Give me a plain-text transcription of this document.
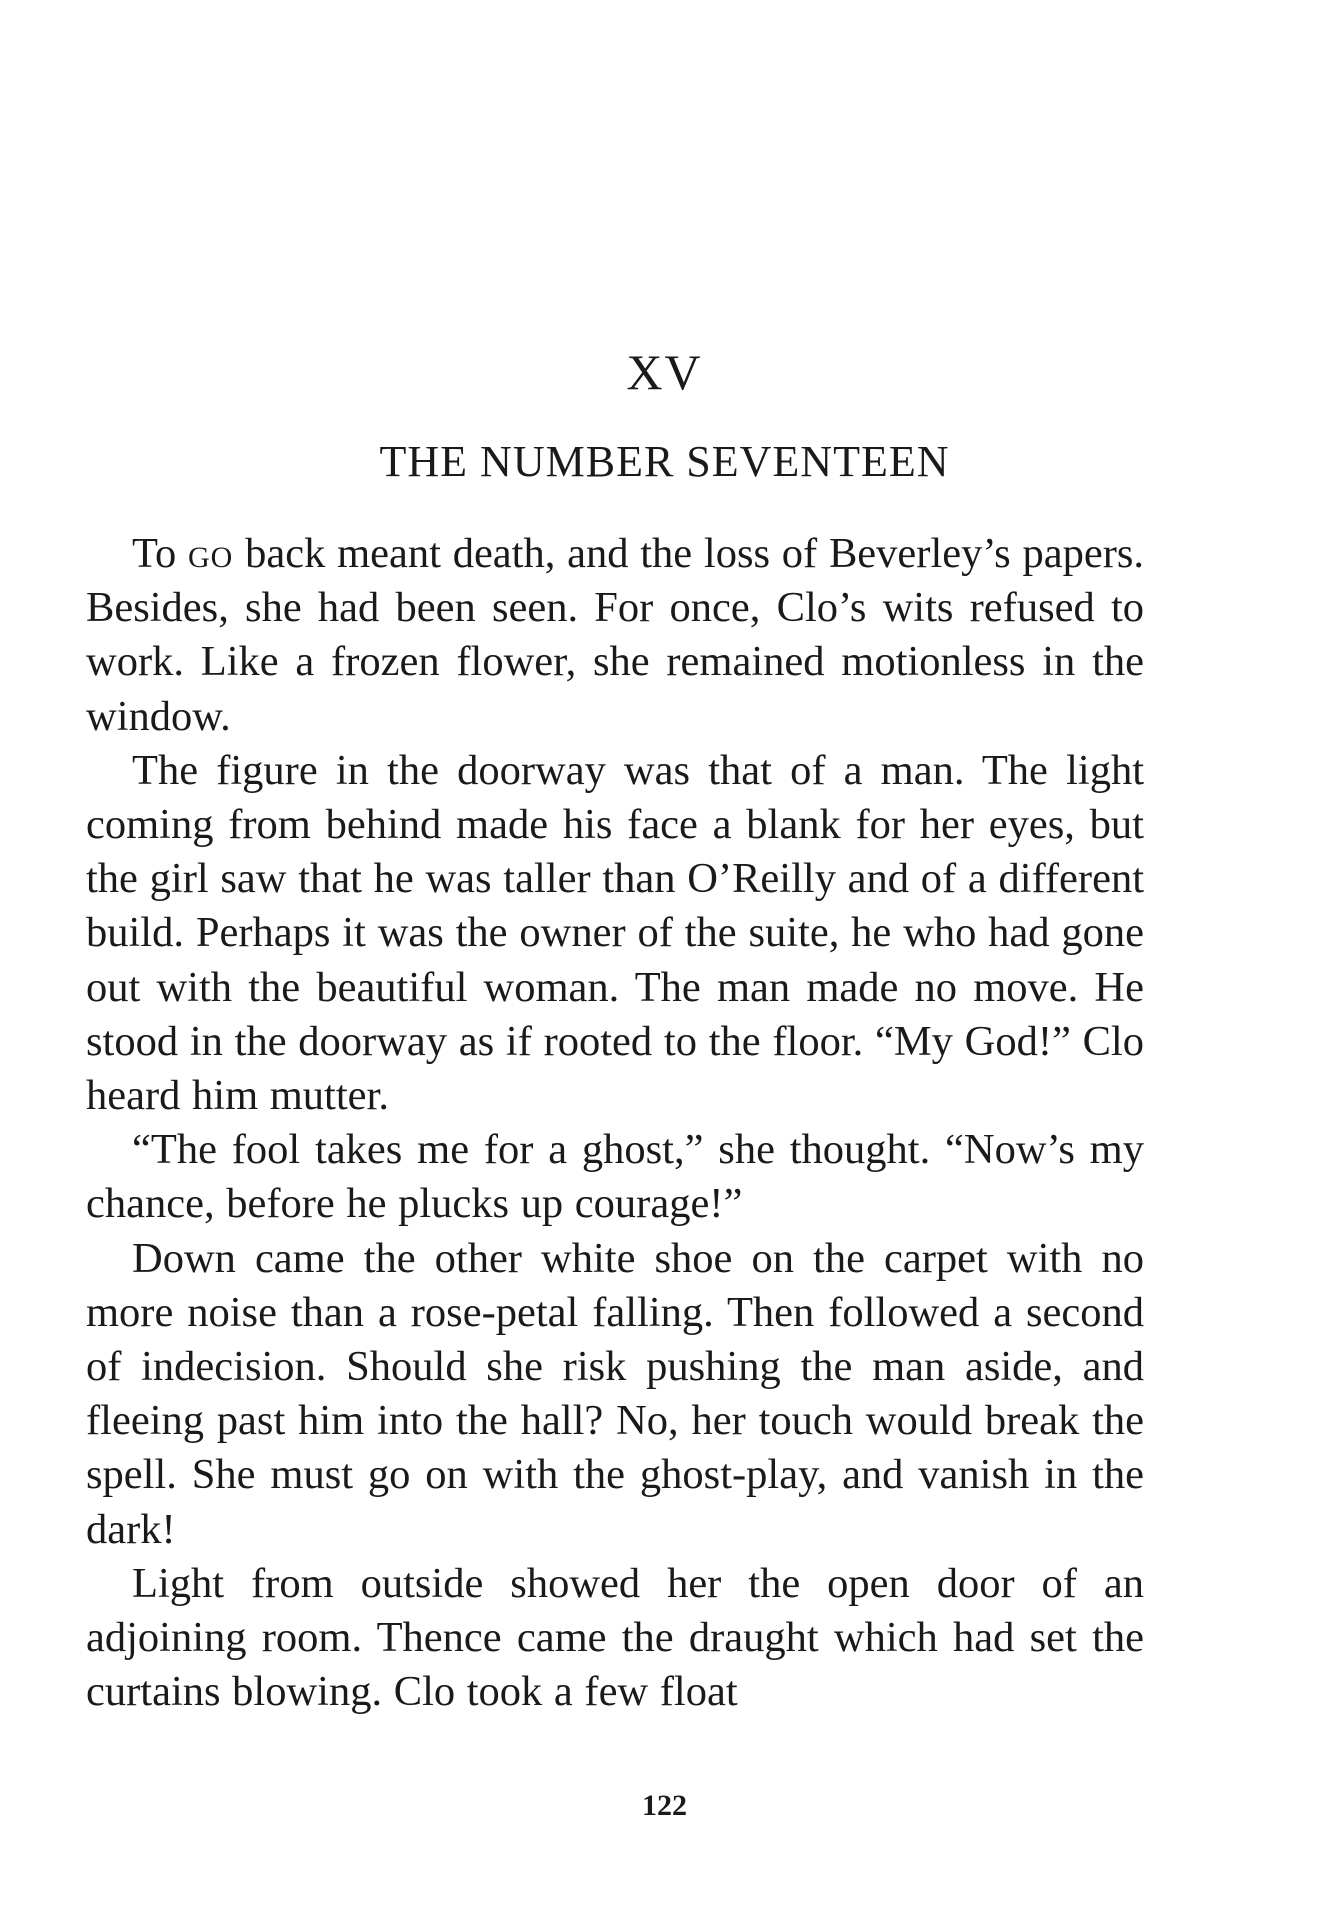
XV
THE NUMBER SEVENTEEN

To go back meant death, and the loss of Beverley’s papers. Besides, she had been seen. For once, Clo’s wits refused to work. Like a frozen flower, she remained motionless in the window.

The figure in the doorway was that of a man. The light coming from behind made his face a blank for her eyes, but the girl saw that he was taller than O’Reilly and of a different build. Perhaps it was the owner of the suite, he who had gone out with the beautiful woman. The man made no move. He stood in the doorway as if rooted to the floor. “My God!” Clo heard him mutter.

“The fool takes me for a ghost,” she thought. “Now’s my chance, before he plucks up courage!”

Down came the other white shoe on the carpet with no more noise than a rose-petal falling. Then followed a second of indecision. Should she risk pushing the man aside, and fleeing past him into the hall? No, her touch would break the spell. She must go on with the ghost-play, and vanish in the dark!

Light from outside showed her the open door of an adjoining room. Thence came the draught which had set the curtains blowing. Clo took a few float

122
